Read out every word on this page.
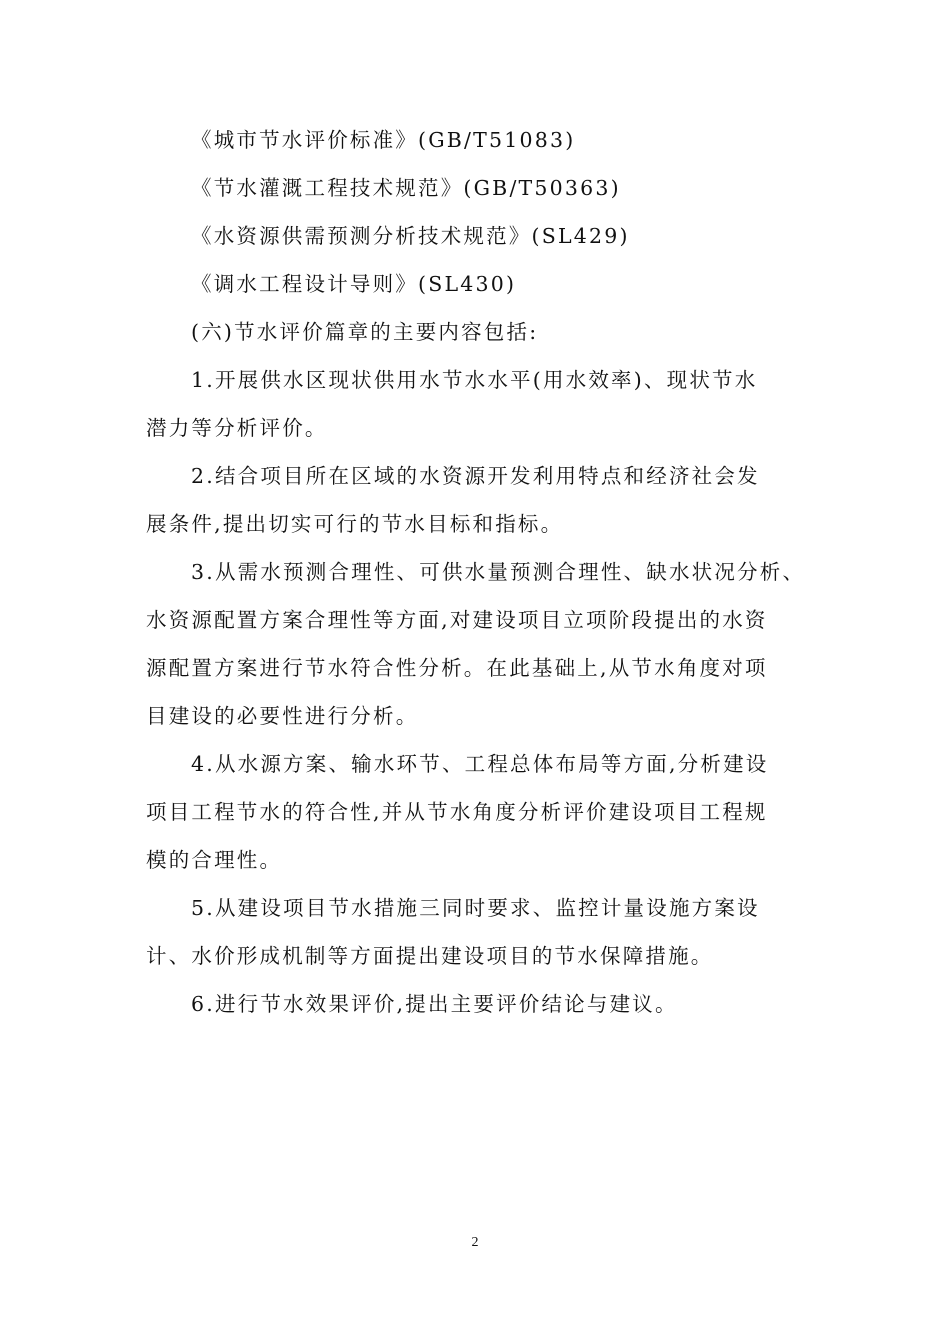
《城市节水评价标准》(GB/T51083)
《节水灌溉工程技术规范》(GB/T50363)
《水资源供需预测分析技术规范》(SL429)
《调水工程设计导则》(SL430)
(六)节水评价篇章的主要内容包括:
1.开展供水区现状供用水节水水平(用水效率)、现状节水
潜力等分析评价。
2.结合项目所在区域的水资源开发利用特点和经济社会发
展条件,提出切实可行的节水目标和指标。
3.从需水预测合理性、可供水量预测合理性、缺水状况分析、
水资源配置方案合理性等方面,对建设项目立项阶段提出的水资
源配置方案进行节水符合性分析。在此基础上,从节水角度对项
目建设的必要性进行分析。
4.从水源方案、输水环节、工程总体布局等方面,分析建设
项目工程节水的符合性,并从节水角度分析评价建设项目工程规
模的合理性。
5.从建设项目节水措施三同时要求、监控计量设施方案设
计、水价形成机制等方面提出建设项目的节水保障措施。
6.进行节水效果评价,提出主要评价结论与建议。
2
